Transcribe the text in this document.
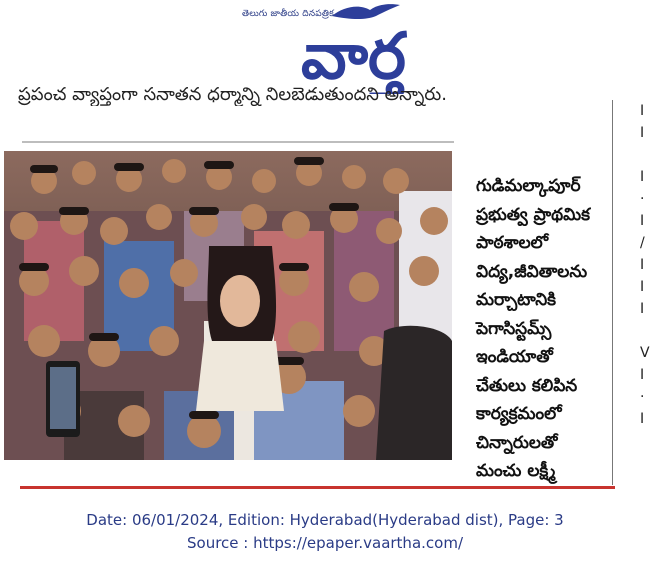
తెలుగు జాతీయ దినపత్రిక
వార్త
ప్రపంచ వ్యాప్తంగా సనాతన ధర్మాన్ని నిలబెడుతుందని అన్నారు.
I
I

I
·
I
/
I
I
I

V
I
·
I
గుడిమల్కాపూర్
ప్రభుత్వ ప్రాథమిక
పాఠశాలలో
విద్య,జీవితాలను
మర్చాటానికి
పెగాసిస్టమ్స్
ఇండియాతో
చేతులు కలిపిన
కార్యక్రమంలో
చిన్నారులతో
మంచు లక్ష్మీ
Date: 06/01/2024, Edition: Hyderabad(Hyderabad dist), Page: 3
Source : https://epaper.vaartha.com/
